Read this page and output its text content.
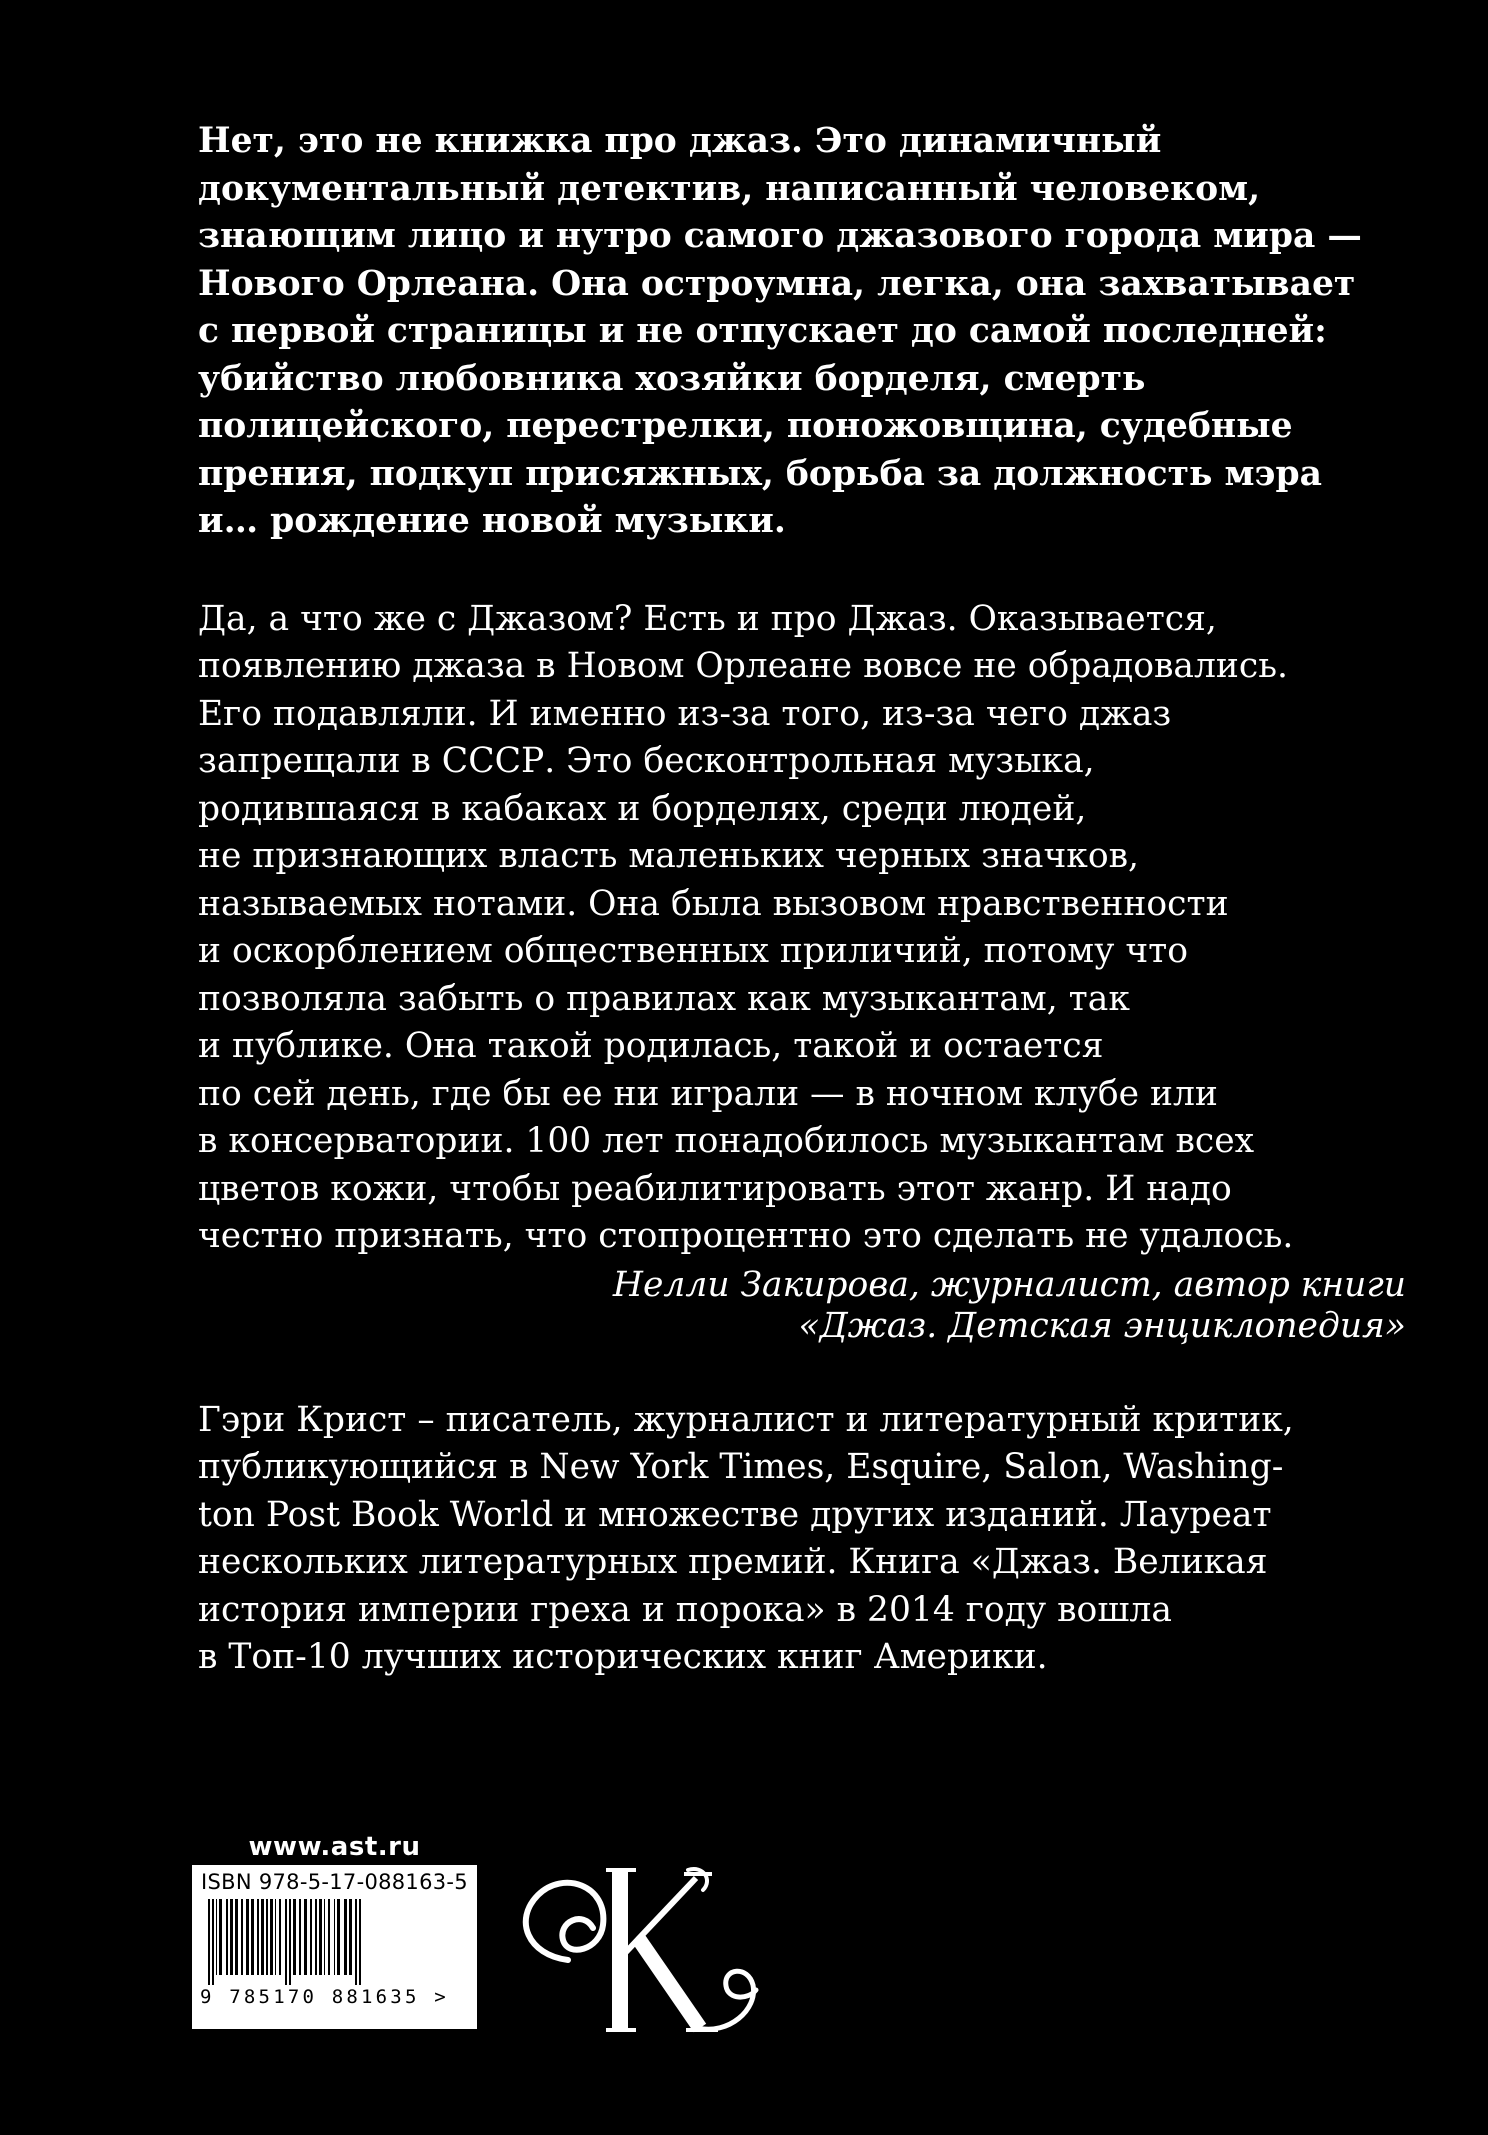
Нет, это не книжка про джаз. Это динамичный
документальный детектив, написанный человеком,
знающим лицо и нутро самого джазового города мира —
Нового Орлеана. Она остроумна, легка, она захватывает
с первой страницы и не отпускает до самой последней:
убийство любовника хозяйки борделя, смерть
полицейского, перестрелки, поножовщина, судебные
прения, подкуп присяжных, борьба за должность мэра
и… рождение новой музыки.

Да, а что же с Джазом? Есть и про Джаз. Оказывается,
появлению джаза в Новом Орлеане вовсе не обрадовались.
Его подавляли. И именно из-за того, из-за чего джаз
запрещали в СССР. Это бесконтрольная музыка,
родившаяся в кабаках и борделях, среди людей,
не признающих власть маленьких черных значков,
называемых нотами. Она была вызовом нравственности
и оскорблением общественных приличий, потому что
позволяла забыть о правилах как музыкантам, так
и публике. Она такой родилась, такой и остается
по сей день, где бы ее ни играли — в ночном клубе или
в консерватории. 100 лет понадобилось музыкантам всех
цветов кожи, чтобы реабилитировать этот жанр. И надо
честно признать, что стопроцентно это сделать не удалось.

Нелли Закирова, журналист, автор книги
«Джаз. Детская энциклопедия»

Гэри Крист – писатель, журналист и литературный критик,
публикующийся в New York Times, Esquire, Salon, Washing-
ton Post Book World и множестве других изданий. Лауреат
нескольких литературных премий. Книга «Джаз. Великая
история империи греха и порока» в 2014 году вошла
в Топ-10 лучших исторических книг Америки.

www.ast.ru
ISBN 978-5-17-088163-5
9 785170 881635 >
